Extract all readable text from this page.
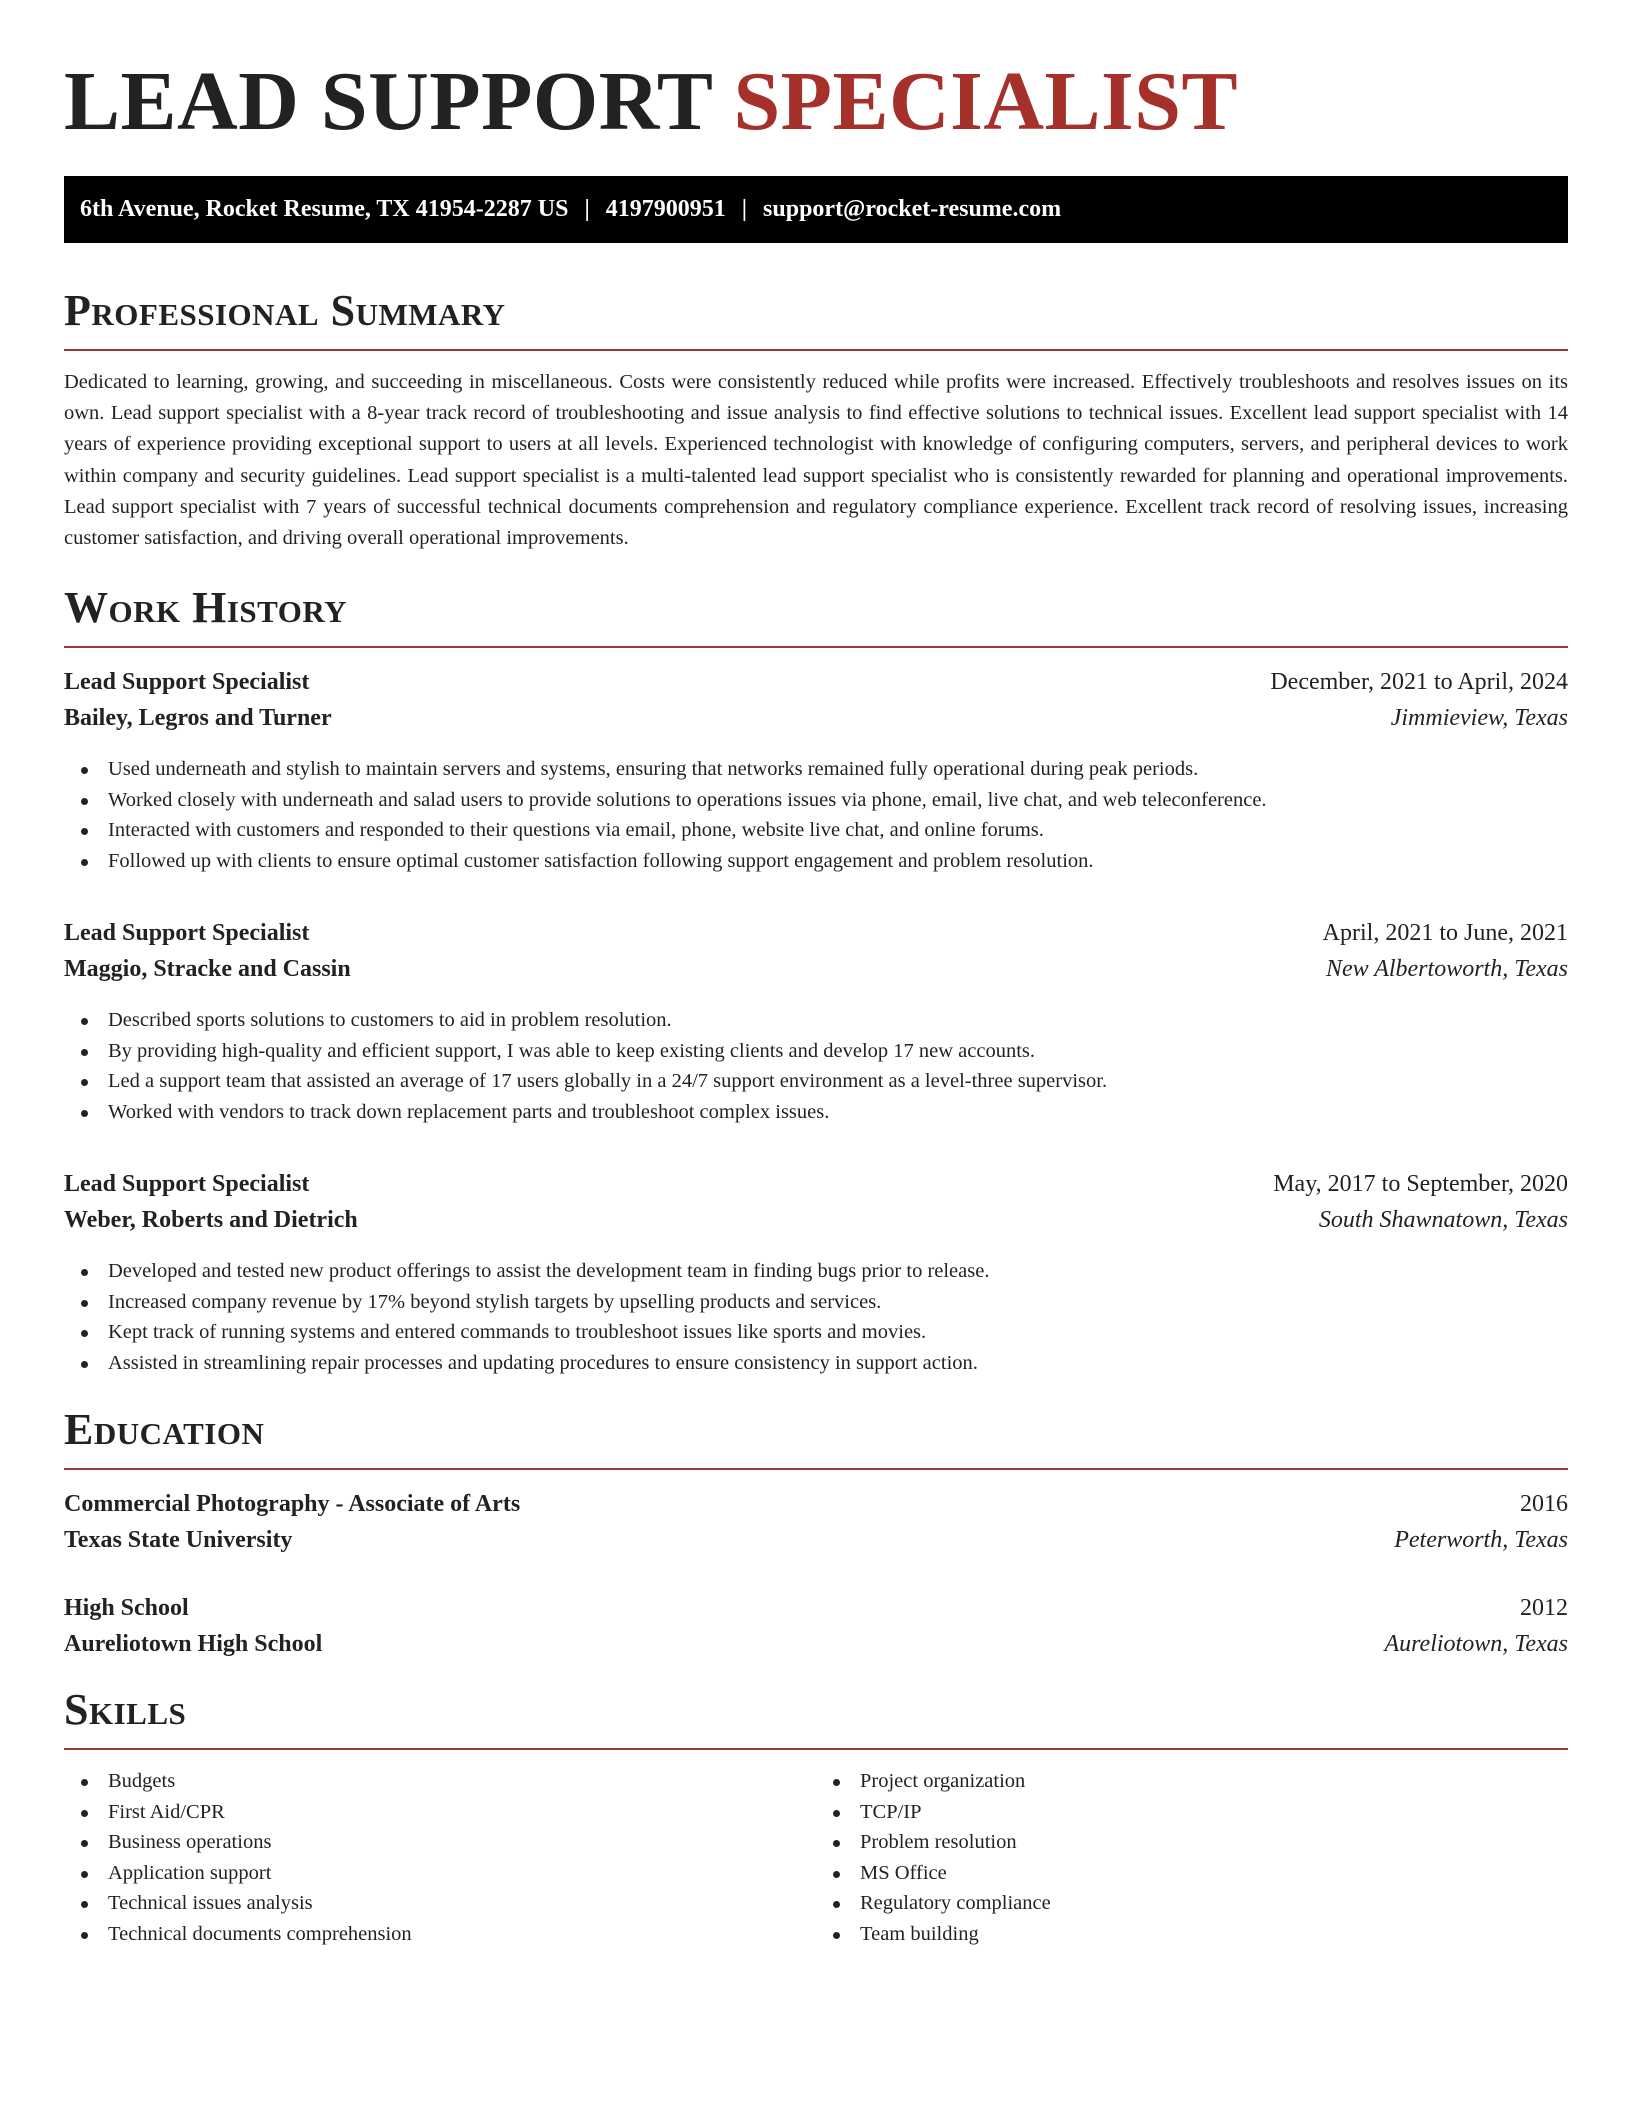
LEAD SUPPORT SPECIALIST
6th Avenue, Rocket Resume, TX 41954-2287 US | 4197900951 | support@rocket-resume.com
Professional Summary

Dedicated to learning, growing, and succeeding in miscellaneous. Costs were consistently reduced while profits were increased. Effectively troubleshoots and resolves issues on its own. Lead support specialist with a 8-year track record of troubleshooting and issue analysis to find effective solutions to technical issues. Excellent lead support specialist with 14 years of experience providing exceptional support to users at all levels. Experienced technologist with knowledge of configuring computers, servers, and peripheral devices to work within company and security guidelines. Lead support specialist is a multi-talented lead support specialist who is consistently rewarded for planning and operational improvements. Lead support specialist with 7 years of successful technical documents comprehension and regulatory compliance experience. Excellent track record of resolving issues, increasing customer satisfaction, and driving overall operational improvements.

Work History
Lead Support Specialist	December, 2021 to April, 2024
Bailey, Legros and Turner	Jimmieview, Texas
Used underneath and stylish to maintain servers and systems, ensuring that networks remained fully operational during peak periods.
Worked closely with underneath and salad users to provide solutions to operations issues via phone, email, live chat, and web teleconference.
Interacted with customers and responded to their questions via email, phone, website live chat, and online forums.
Followed up with clients to ensure optimal customer satisfaction following support engagement and problem resolution.
Lead Support Specialist	April, 2021 to June, 2021
Maggio, Stracke and Cassin	New Albertoworth, Texas
Described sports solutions to customers to aid in problem resolution.
By providing high-quality and efficient support, I was able to keep existing clients and develop 17 new accounts.
Led a support team that assisted an average of 17 users globally in a 24/7 support environment as a level-three supervisor.
Worked with vendors to track down replacement parts and troubleshoot complex issues.
Lead Support Specialist	May, 2017 to September, 2020
Weber, Roberts and Dietrich	South Shawnatown, Texas
Developed and tested new product offerings to assist the development team in finding bugs prior to release.
Increased company revenue by 17% beyond stylish targets by upselling products and services.
Kept track of running systems and entered commands to troubleshoot issues like sports and movies.
Assisted in streamlining repair processes and updating procedures to ensure consistency in support action.
Education
Commercial Photography - Associate of Arts	2016
Texas State University	Peterworth, Texas
High School	2012
Aureliotown High School	Aureliotown, Texas
Skills
Budgets
First Aid/CPR
Business operations
Application support
Technical issues analysis
Technical documents comprehension
Project organization
TCP/IP
Problem resolution
MS Office
Regulatory compliance
Team building
